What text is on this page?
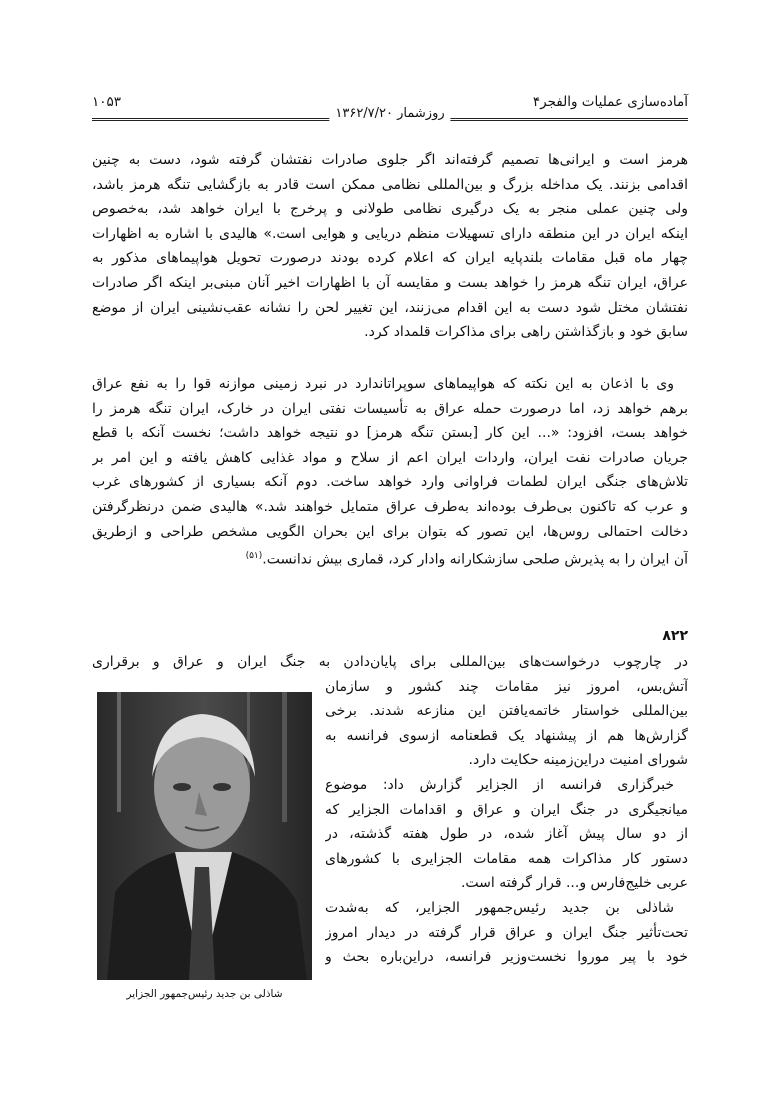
آماده‌سازی عملیات والفجر۴
۱۰۵۳
روزشمار ۱۳۶۲/۷/۲۰
هرمز است و ایرانی‌ها تصمیم گرفته‌اند اگر جلوی صادرات نفتشان گرفته شود، دست به چنین
اقدامی بزنند. یک مداخله بزرگ و بین‌المللی نظامی ممکن است قادر به بازگشایی تنگه هرمز باشد،
ولی چنین عملی منجر به یک درگیری نظامی طولانی و پرخرج با ایران خواهد شد، به‌خصوص
اینکه ایران در این منطقه دارای تسهیلات منظم دریایی و هوایی است.» هالیدی با اشاره به اظهارات
چهار ماه قبل مقامات بلندپایه ایران که اعلام کرده بودند درصورت تحویل هواپیماهای مذکور به
عراق، ایران تنگه هرمز را خواهد بست و مقایسه آن با اظهارات اخیر آنان مبنی‌بر اینکه اگر صادرات
نفتشان مختل شود دست به این اقدام می‌زنند، این تغییر لحن را نشانه عقب‌نشینی ایران از موضع
سابق خود و بازگذاشتن راهی برای مذاکرات قلمداد کرد.
وی با اذعان به این نکته که هواپیماهای سوپراتاندارد در نبرد زمینی موازنه قوا را به نفع عراق
برهم خواهد زد، اما درصورت حمله عراق به تأسیسات نفتی ایران در خارک، ایران تنگه هرمز را
خواهد بست، افزود: «... این کار [بستن تنگه هرمز] دو نتیجه خواهد داشت؛ نخست آنکه با قطع
جریان صادرات نفت ایران، واردات ایران اعم از سلاح و مواد غذایی کاهش یافته و این امر بر
تلاش‌های جنگی ایران لطمات فراوانی وارد خواهد ساخت. دوم آنکه بسیاری از کشورهای غرب
و عرب که تاکنون بی‌طرف بوده‌اند به‌طرف عراق متمایل خواهند شد.» هالیدی ضمن درنظرگرفتن
دخالت احتمالی روس‌ها، این تصور که بتوان برای این بحران الگویی مشخص طراحی و ازطریق
آن ایران را به پذیرش صلحی سازشکارانه وادار کرد، قماری بیش ندانست.$^{(۵۱)}$
۸۲۲
در چارچوب درخواست‌های بین‌المللی برای پایان‌دادن به جنگ ایران و عراق و برقراری
آتش‌بس، امروز نیز مقامات چند کشور و سازمان
بین‌المللی خواستار خاتمه‌یافتن این منازعه شدند. برخی
گزارش‌ها هم از پیشنهاد یک قطعنامه ازسوی فرانسه به
شورای امنیت دراین‌زمینه حکایت دارد.
خبرگزاری فرانسه از الجزایر گزارش داد: موضوع
میانجیگری در جنگ ایران و عراق و اقدامات الجزایر که
از دو سال پیش آغاز شده، در طول هفته گذشته، در
دستور کار مذاکرات همه مقامات الجزایری با کشورهای
عربی خلیج‌فارس و... قرار گرفته است.
شاذلی بن جدید رئیس‌جمهور الجزایر، که به‌شدت
تحت‌تأثیر جنگ ایران و عراق قرار گرفته در دیدار امروز
خود با پیر موروا نخست‌وزیر فرانسه، دراین‌باره بحث و
شاذلی بن جدید رئیس‌جمهور الجزایر
